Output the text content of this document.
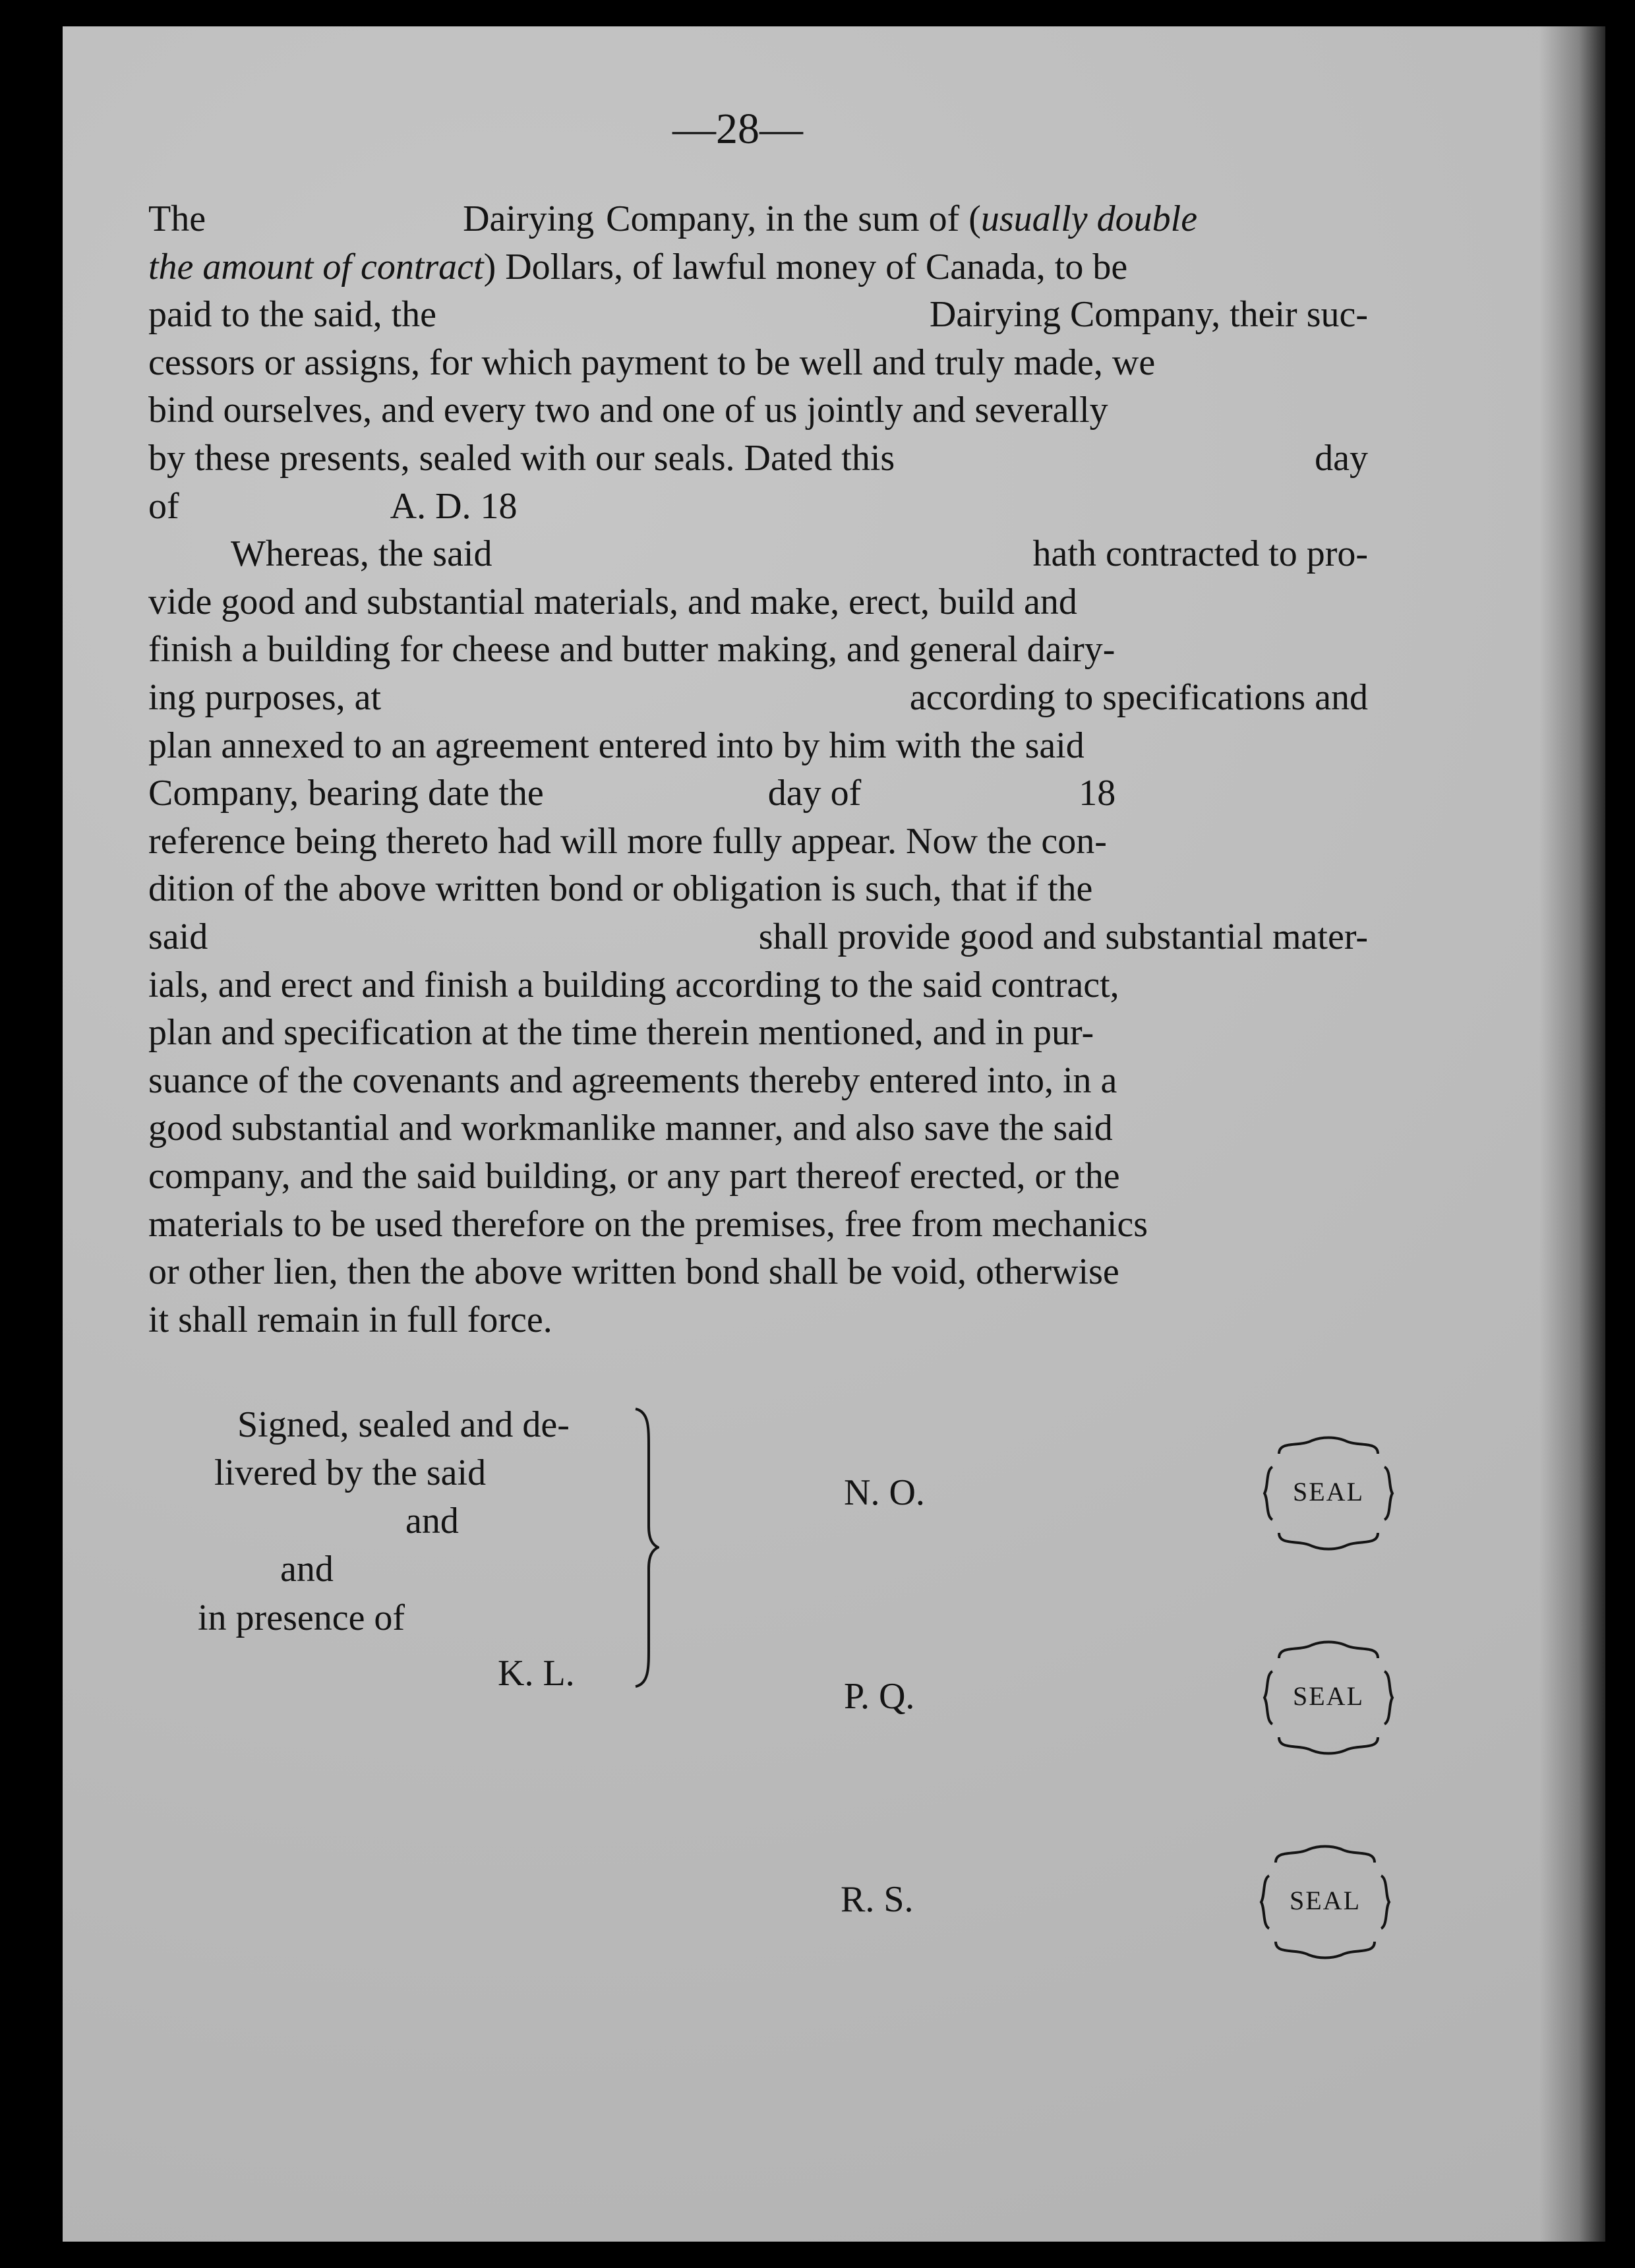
—28—
The	Dairying Company, in the sum of ( usually double
the amount of contract ) Dollars, of lawful money of Canada, to be
paid to the said, the	Dairying Company, their suc-
cessors or assigns, for which payment to be well and truly made, we
bind ourselves, and every two and one of us jointly and severally
by these presents, sealed with our seals. Dated this	day
of	A. D. 18
Whereas, the said	hath contracted to pro-
vide good and substantial materials, and make, erect, build and
finish a building for cheese and butter making, and general dairy-
ing purposes, at	according to specifications and
plan annexed to an agreement entered into by him with the said
Company, bearing date the	day of	18
reference being thereto had will more fully appear. Now the con-
dition of the above written bond or obligation is such, that if the
said	shall provide good and substantial mater-
ials, and erect and finish a building according to the said contract,
plan and specification at the time therein mentioned, and in pur-
suance of the covenants and agreements thereby entered into, in a
good substantial and workmanlike manner, and also save the said
company, and the said building, or any part thereof erected, or the
materials to be used therefore on the premises, free from mechanics
or other lien, then the above written bond shall be void, otherwise
it shall remain in full force.
Signed, sealed and de-
livered by the said
and
and
in presence of
K. L.
N. O.
P. Q.
R. S.
SEAL
SEAL
SEAL
